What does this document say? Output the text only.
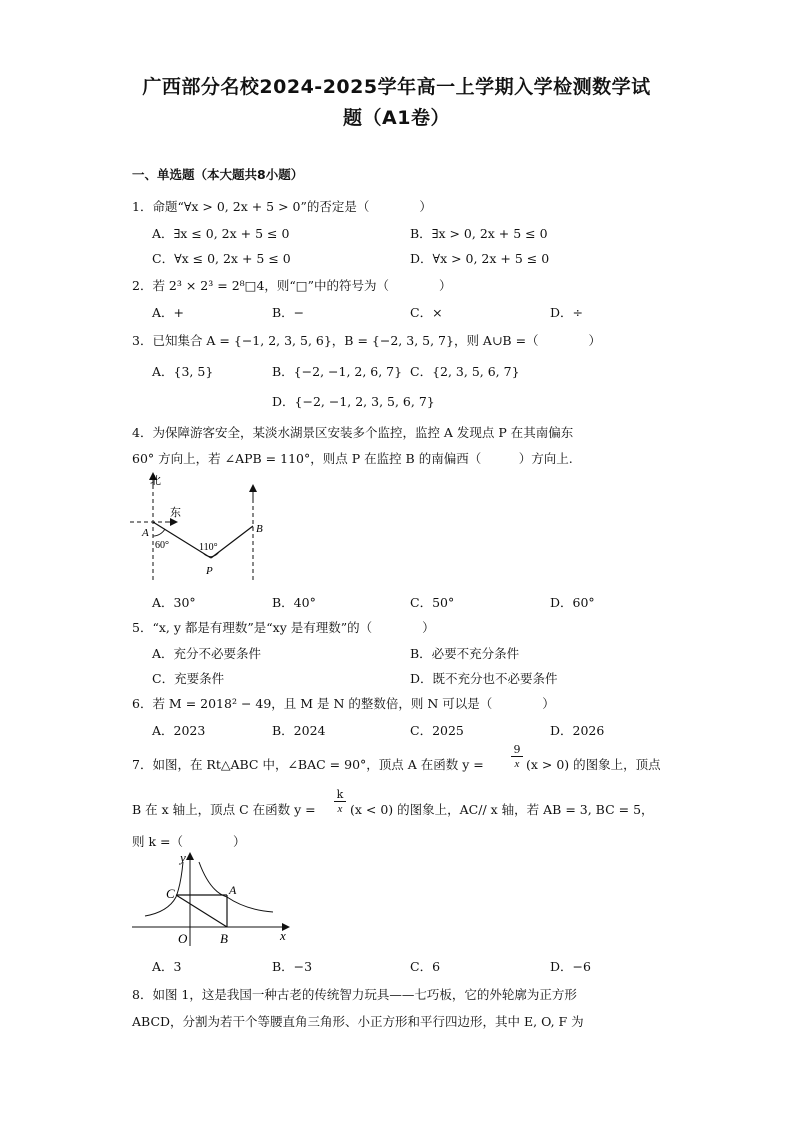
广西部分名校2024-2025学年高一上学期入学检测数学试
题（A1卷）
一、单选题（本大题共8小题）
1．命题“∀x > 0, 2x + 5 > 0”的否定是（　　　　）
A．∃x ≤ 0, 2x + 5 ≤ 0	B．∃x > 0, 2x + 5 ≤ 0
C．∀x ≤ 0, 2x + 5 ≤ 0	D．∀x > 0, 2x + 5 ≤ 0
2．若 2³ × 2³ = 2⁸□4，则“□”中的符号为（　　　　）
A．+	B．−	C．×	D．÷
3．已知集合 A = {−1, 2, 3, 5, 6}，B = {−2, 3, 5, 7}，则 A∪B =（　　　　）
A．{3, 5}	B．{−2, −1, 2, 6, 7} C．{2, 3, 5, 6, 7}
D．{−2, −1, 2, 3, 5, 6, 7}
4．为保障游客安全，某淡水湖景区安装多个监控，监控 A 发现点 P 在其南偏东
60° 方向上，若 ∠APB = 110°，则点 P 在监控 B 的南偏西（　　　）方向上.
北
东
A	B
P
60°	110°
A．30°	B．40°	C．50°	D．60°
5．“x, y 都是有理数”是“xy 是有理数”的（　　　　）
A．充分不必要条件	B．必要不充分条件
C．充要条件	D．既不充分也不必要条件
6．若 M = 2018² − 49，且 M 是 N 的整数倍，则 N 可以是（　　　　）
A．2023	B．2024	C．2025	D．2026
7．如图，在 Rt△ABC 中，∠BAC = 90°，顶点 A 在函数 y =
9
x (x > 0) 的图象上，顶点
B 在 x 轴上，顶点 C 在函数 y =
k
x (x < 0) 的图象上，AC// x 轴，若 AB = 3, BC = 5，
则 k =（　　　　）
y
x
O
A
B
C
A．3	B．−3	C．6	D．−6
8．如图 1，这是我国一种古老的传统智力玩具——七巧板，它的外轮廓为正方形
ABCD，分割为若干个等腰直角三角形、小正方形和平行四边形，其中 E, O, F 为
